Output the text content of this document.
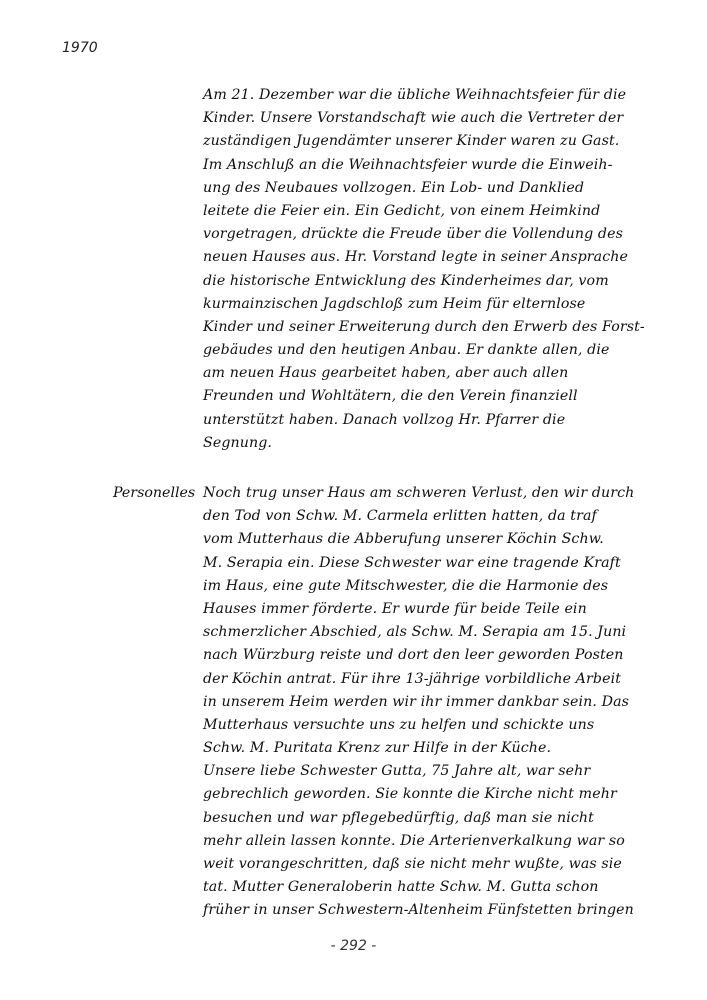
1970
Am 21. Dezember war die übliche Weihnachtsfeier für die
Kinder. Unsere Vorstandschaft wie auch die Vertreter der
zuständigen Jugendämter unserer Kinder waren zu Gast.
Im Anschluß an die Weihnachtsfeier wurde die Einweih-
ung des Neubaues vollzogen. Ein Lob- und Danklied
leitete die Feier ein. Ein Gedicht, von einem Heimkind
vorgetragen, drückte die Freude über die Vollendung des
neuen Hauses aus. Hr. Vorstand legte in seiner Ansprache
die historische Entwicklung des Kinderheimes dar, vom
kurmainzischen Jagdschloß zum Heim für elternlose
Kinder und seiner Erweiterung durch den Erwerb des Forst-
gebäudes und den heutigen Anbau. Er dankte allen, die
am neuen Haus gearbeitet haben, aber auch allen
Freunden und Wohltätern, die den Verein finanziell
unterstützt haben. Danach vollzog Hr. Pfarrer die
Segnung.
Personelles Noch trug unser Haus am schweren Verlust, den wir durch
den Tod von Schw. M. Carmela erlitten hatten, da traf
vom Mutterhaus die Abberufung unserer Köchin Schw.
M. Serapia ein. Diese Schwester war eine tragende Kraft
im Haus, eine gute Mitschwester, die die Harmonie des
Hauses immer förderte. Er wurde für beide Teile ein
schmerzlicher Abschied, als Schw. M. Serapia am 15. Juni
nach Würzburg reiste und dort den leer geworden Posten
der Köchin antrat. Für ihre 13-jährige vorbildliche Arbeit
in unserem Heim werden wir ihr immer dankbar sein. Das
Mutterhaus versuchte uns zu helfen und schickte uns
Schw. M. Puritata Krenz zur Hilfe in der Küche.
Unsere liebe Schwester Gutta, 75 Jahre alt, war sehr
gebrechlich geworden. Sie konnte die Kirche nicht mehr
besuchen und war pflegebedürftig, daß man sie nicht
mehr allein lassen konnte. Die Arterienverkalkung war so
weit vorangeschritten, daß sie nicht mehr wußte, was sie
tat. Mutter Generaloberin hatte Schw. M. Gutta schon
früher in unser Schwestern-Altenheim Fünfstetten bringen
- 292 -
